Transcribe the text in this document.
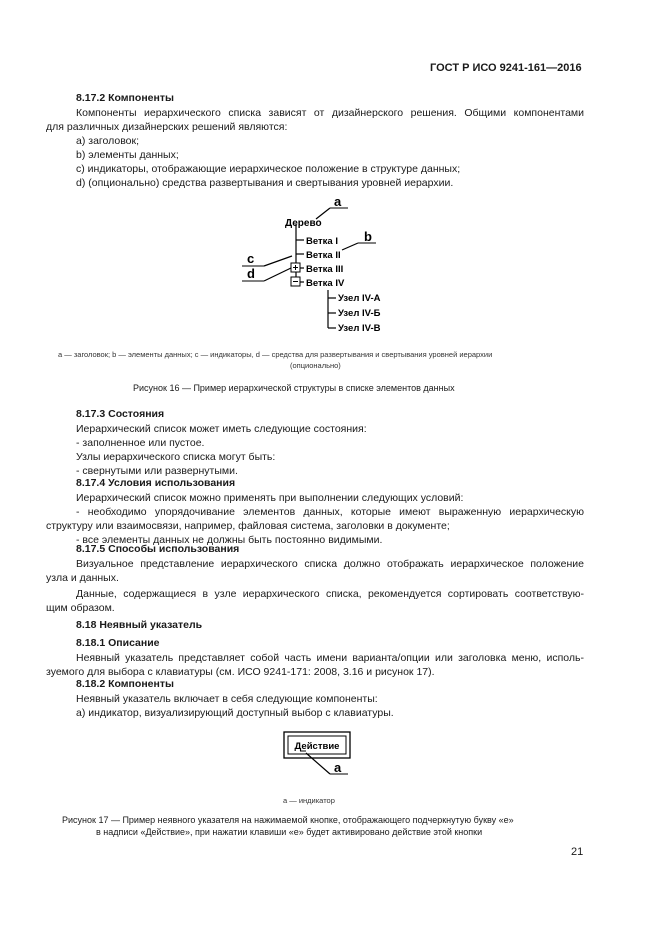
ГОСТ Р ИСО 9241-161—2016
8.17.2 Компоненты
Компоненты иерархического списка зависят от дизайнерского решения. Общими компонентами
для различных дизайнерских решений являются:
а) заголовок;
b) элементы данных;
c) индикаторы, отображающие иерархическое положение в структуре данных;
d) (опционально) средства развертывания и свертывания уровней иерархии.
Дерево
Ветка I
Ветка II
Ветка III
Ветка IV
Узел IV-А
Узел IV-Б
Узел IV-В
a
b
c
d
а — заголовок; b — элементы данных; с — индикаторы, d — средства для развертывания и свертывания уровней иерархии
(опционально)
Рисунок 16 — Пример иерархической структуры в списке элементов данных
8.17.3 Состояния
Иерархический список может иметь следующие состояния:
- заполненное или пустое.
Узлы иерархического списка могут быть:
- свернутыми или развернутыми.
8.17.4 Условия использования
Иерархический список можно применять при выполнении следующих условий:
- необходимо упорядочивание элементов данных, которые имеют выраженную иерархическую
структуру или взаимосвязи, например, файловая система, заголовки в документе;
- все элементы данных не должны быть постоянно видимыми.
8.17.5 Способы использования
Визуальное представление иерархического списка должно отображать иерархическое положение
узла и данных.
Данные, содержащиеся в узле иерархического списка, рекомендуется сортировать соответствую-
щим образом.
8.18 Неявный указатель
8.18.1 Описание
Неявный указатель представляет собой часть имени варианта/опции или заголовка меню, исполь-
зуемого для выбора с клавиатуры (см. ИСО 9241-171: 2008, 3.16 и рисунок 17).
8.18.2 Компоненты
Неявный указатель включает в себя следующие компоненты:
а) индикатор, визуализирующий доступный выбор с клавиатуры.
Действие
a
а — индикатор
Рисунок 17 — Пример неявного указателя на нажимаемой кнопке, отображающего подчеркнутую букву «е»
в надписи «Действие», при нажатии клавиши «е» будет активировано действие этой кнопки
21
